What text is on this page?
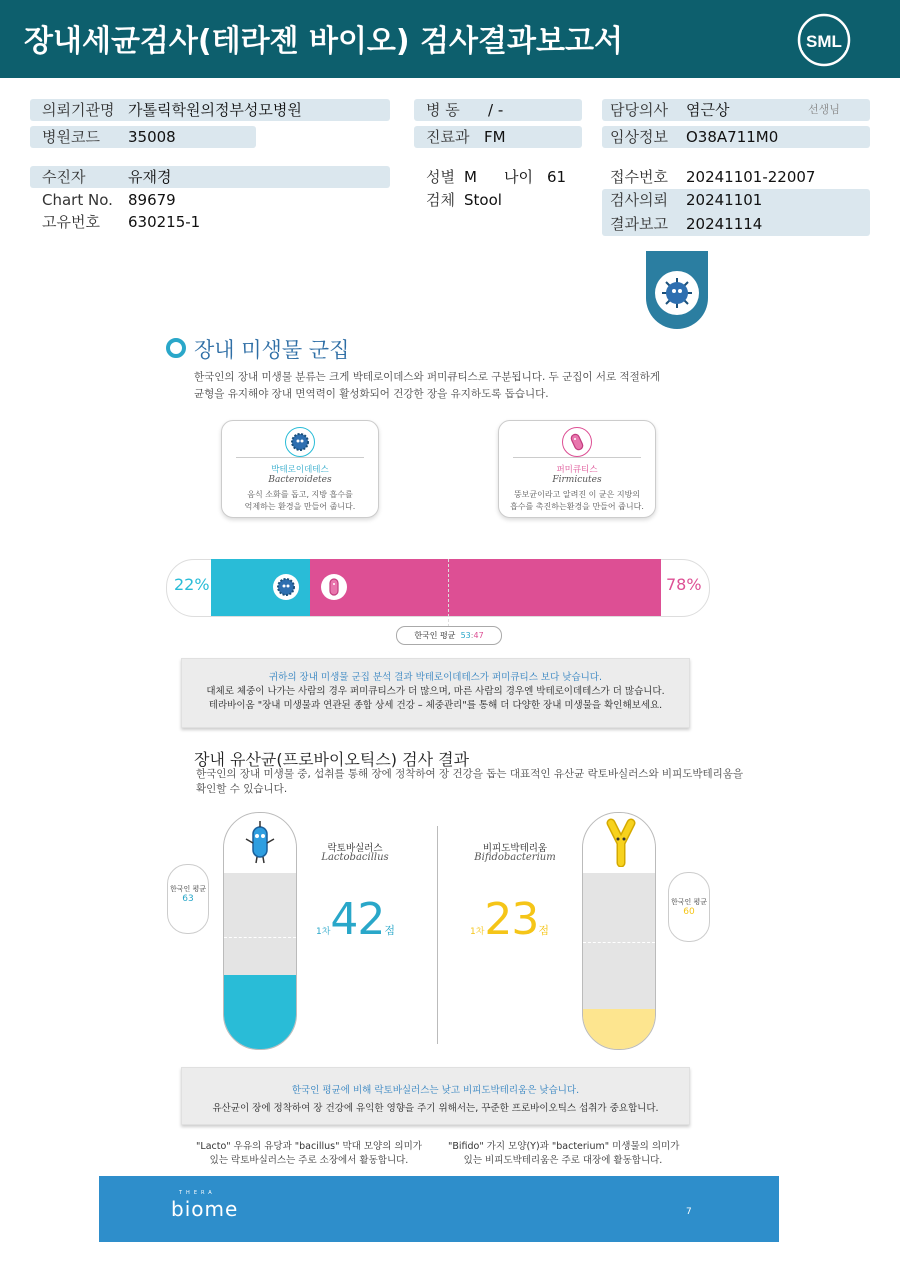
장내세균검사(테라젠 바이오) 검사결과보고서	SML
의뢰기관명 가톨릭학원의정부성모병원
병원코드 35008
수진자	유재경
Chart No. 89679
고유번호 630215-1
병 동 / -
진료과 FM
성별 M 나이 61
검체 Stool
담당의사 염근상	선생님
임상정보 O38A711M0
접수번호 20241101-22007
검사의뢰 20241101
결과보고 20241114
장내 미생물 군집
한국인의 장내 미생물 분류는 크게 박테로이데스와 퍼미큐티스로 구분됩니다. 두 군집이 서로 적절하게
균형을 유지해야 장내 면역력이 활성화되어 건강한 장을 유지하도록 돕습니다.
박테로이데테스
Bacteroidetes
음식 소화를 돕고, 지방 흡수를
억제하는 환경을 만들어 줍니다.
퍼미큐티스
Firmicutes
뚱보균이라고 알려진 이 균은 지방의
흡수를 촉진하는환경을 만들어 줍니다.
22%	78%
한국인 평균 53:47
귀하의 장내 미생물 군집 분석 결과 박테로이데테스가 퍼미큐티스 보다 낮습니다.
대체로 체중이 나가는 사람의 경우 퍼미큐티스가 더 많으며, 마른 사람의 경우엔 박테로이데테스가 더 많습니다.
테라바이옴 "장내 미생물과 연관된 종합 상세 건강 – 체중관리"를 통해 더 다양한 장내 미생물을 확인해보세요.
장내 유산균(프로바이오틱스) 검사 결과
한국인의 장내 미생물 중, 섭취를 통해 장에 정착하여 장 건강을 돕는 대표적인 유산균 락토바실러스와 비피도박테리움을
확인할 수 있습니다.
한국인 평균
63
락토바실러스
Lactobacillus
1차42점
비피도박테리움
Bifidobacterium
1차23점
한국인 평균
60
한국인 평균에 비해 락토바실러스는 낮고 비피도박테리움은 낮습니다.
유산균이 장에 정착하여 장 건강에 유익한 영향을 주기 위해서는, 꾸준한 프로바이오틱스 섭취가 중요합니다.
"Lacto" 우유의 유당과 "bacillus" 막대 모양의 의미가
있는 락토바실러스는 주로 소장에서 활동합니다.
"Bifido" 가지 모양(Y)과 "bacterium" 미생물의 의미가
있는 비피도박테리움은 주로 대장에 활동합니다.
THERA
biome	7
